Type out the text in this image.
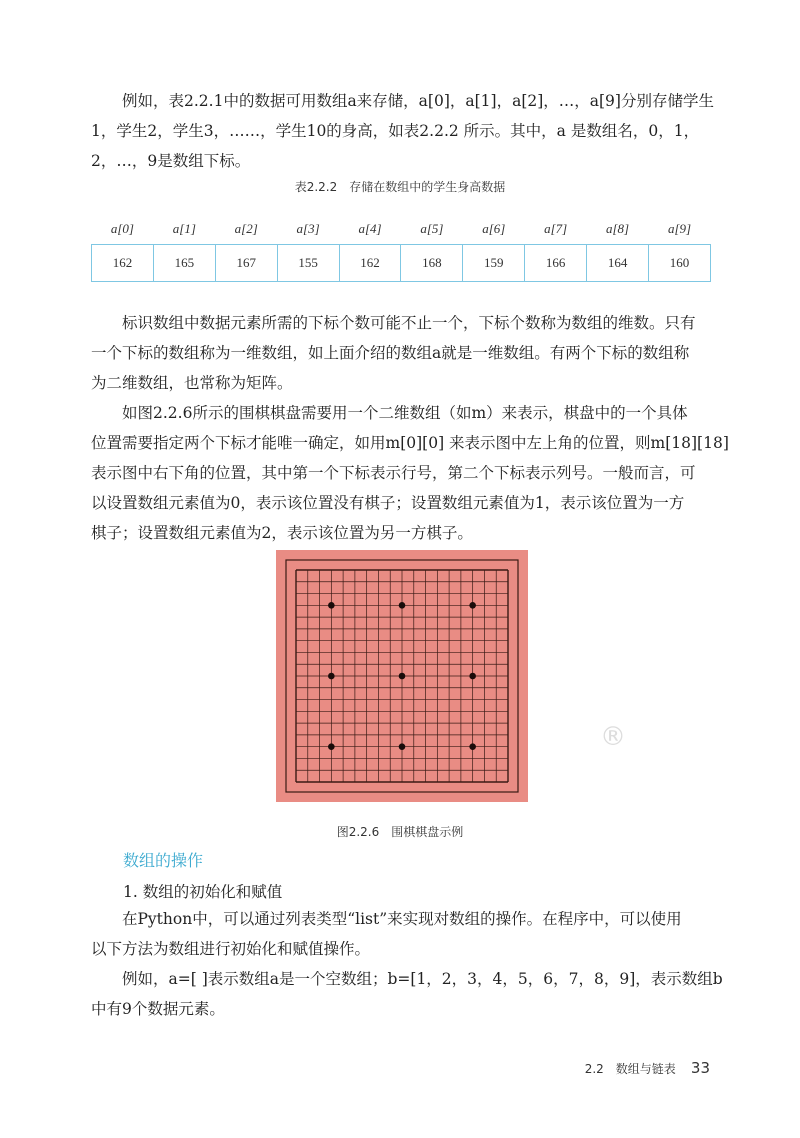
例如，表2.2.1中的数据可用数组a来存储，a[0]，a[1]，a[2]，…，a[9]分别存储学生
1，学生2，学生3，……，学生10的身高，如表2.2.2 所示。其中，a 是数组名，0，1，
2，…，9是数组下标。

表2.2.2　存储在数组中的学生身高数据
a[0]	a[1]	a[2]	a[3]	a[4]	a[5]	a[6]	a[7]	a[8]	a[9]
162	165	167	155	162	168	159	166	164	160

标识数组中数据元素所需的下标个数可能不止一个，下标个数称为数组的维数。只有
一个下标的数组称为一维数组，如上面介绍的数组a就是一维数组。有两个下标的数组称
为二维数组，也常称为矩阵。

如图2.2.6所示的围棋棋盘需要用一个二维数组（如m）来表示，棋盘中的一个具体
位置需要指定两个下标才能唯一确定，如用m[0][0] 来表示图中左上角的位置，则m[18][18]
表示图中右下角的位置，其中第一个下标表示行号，第二个下标表示列号。一般而言，可
以设置数组元素值为0，表示该位置没有棋子；设置数组元素值为1，表示该位置为一方
棋子；设置数组元素值为2，表示该位置为另一方棋子。

®
图2.2.6　围棋棋盘示例
数组的操作
1. 数组的初始化和赋值

在Python中，可以通过列表类型“list”来实现对数组的操作。在程序中，可以使用
以下方法为数组进行初始化和赋值操作。

例如，a=[ ]表示数组a是一个空数组；b=[1，2，3，4，5，6，7，8，9]，表示数组b
中有9个数据元素。

2.2　数组与链表 33
